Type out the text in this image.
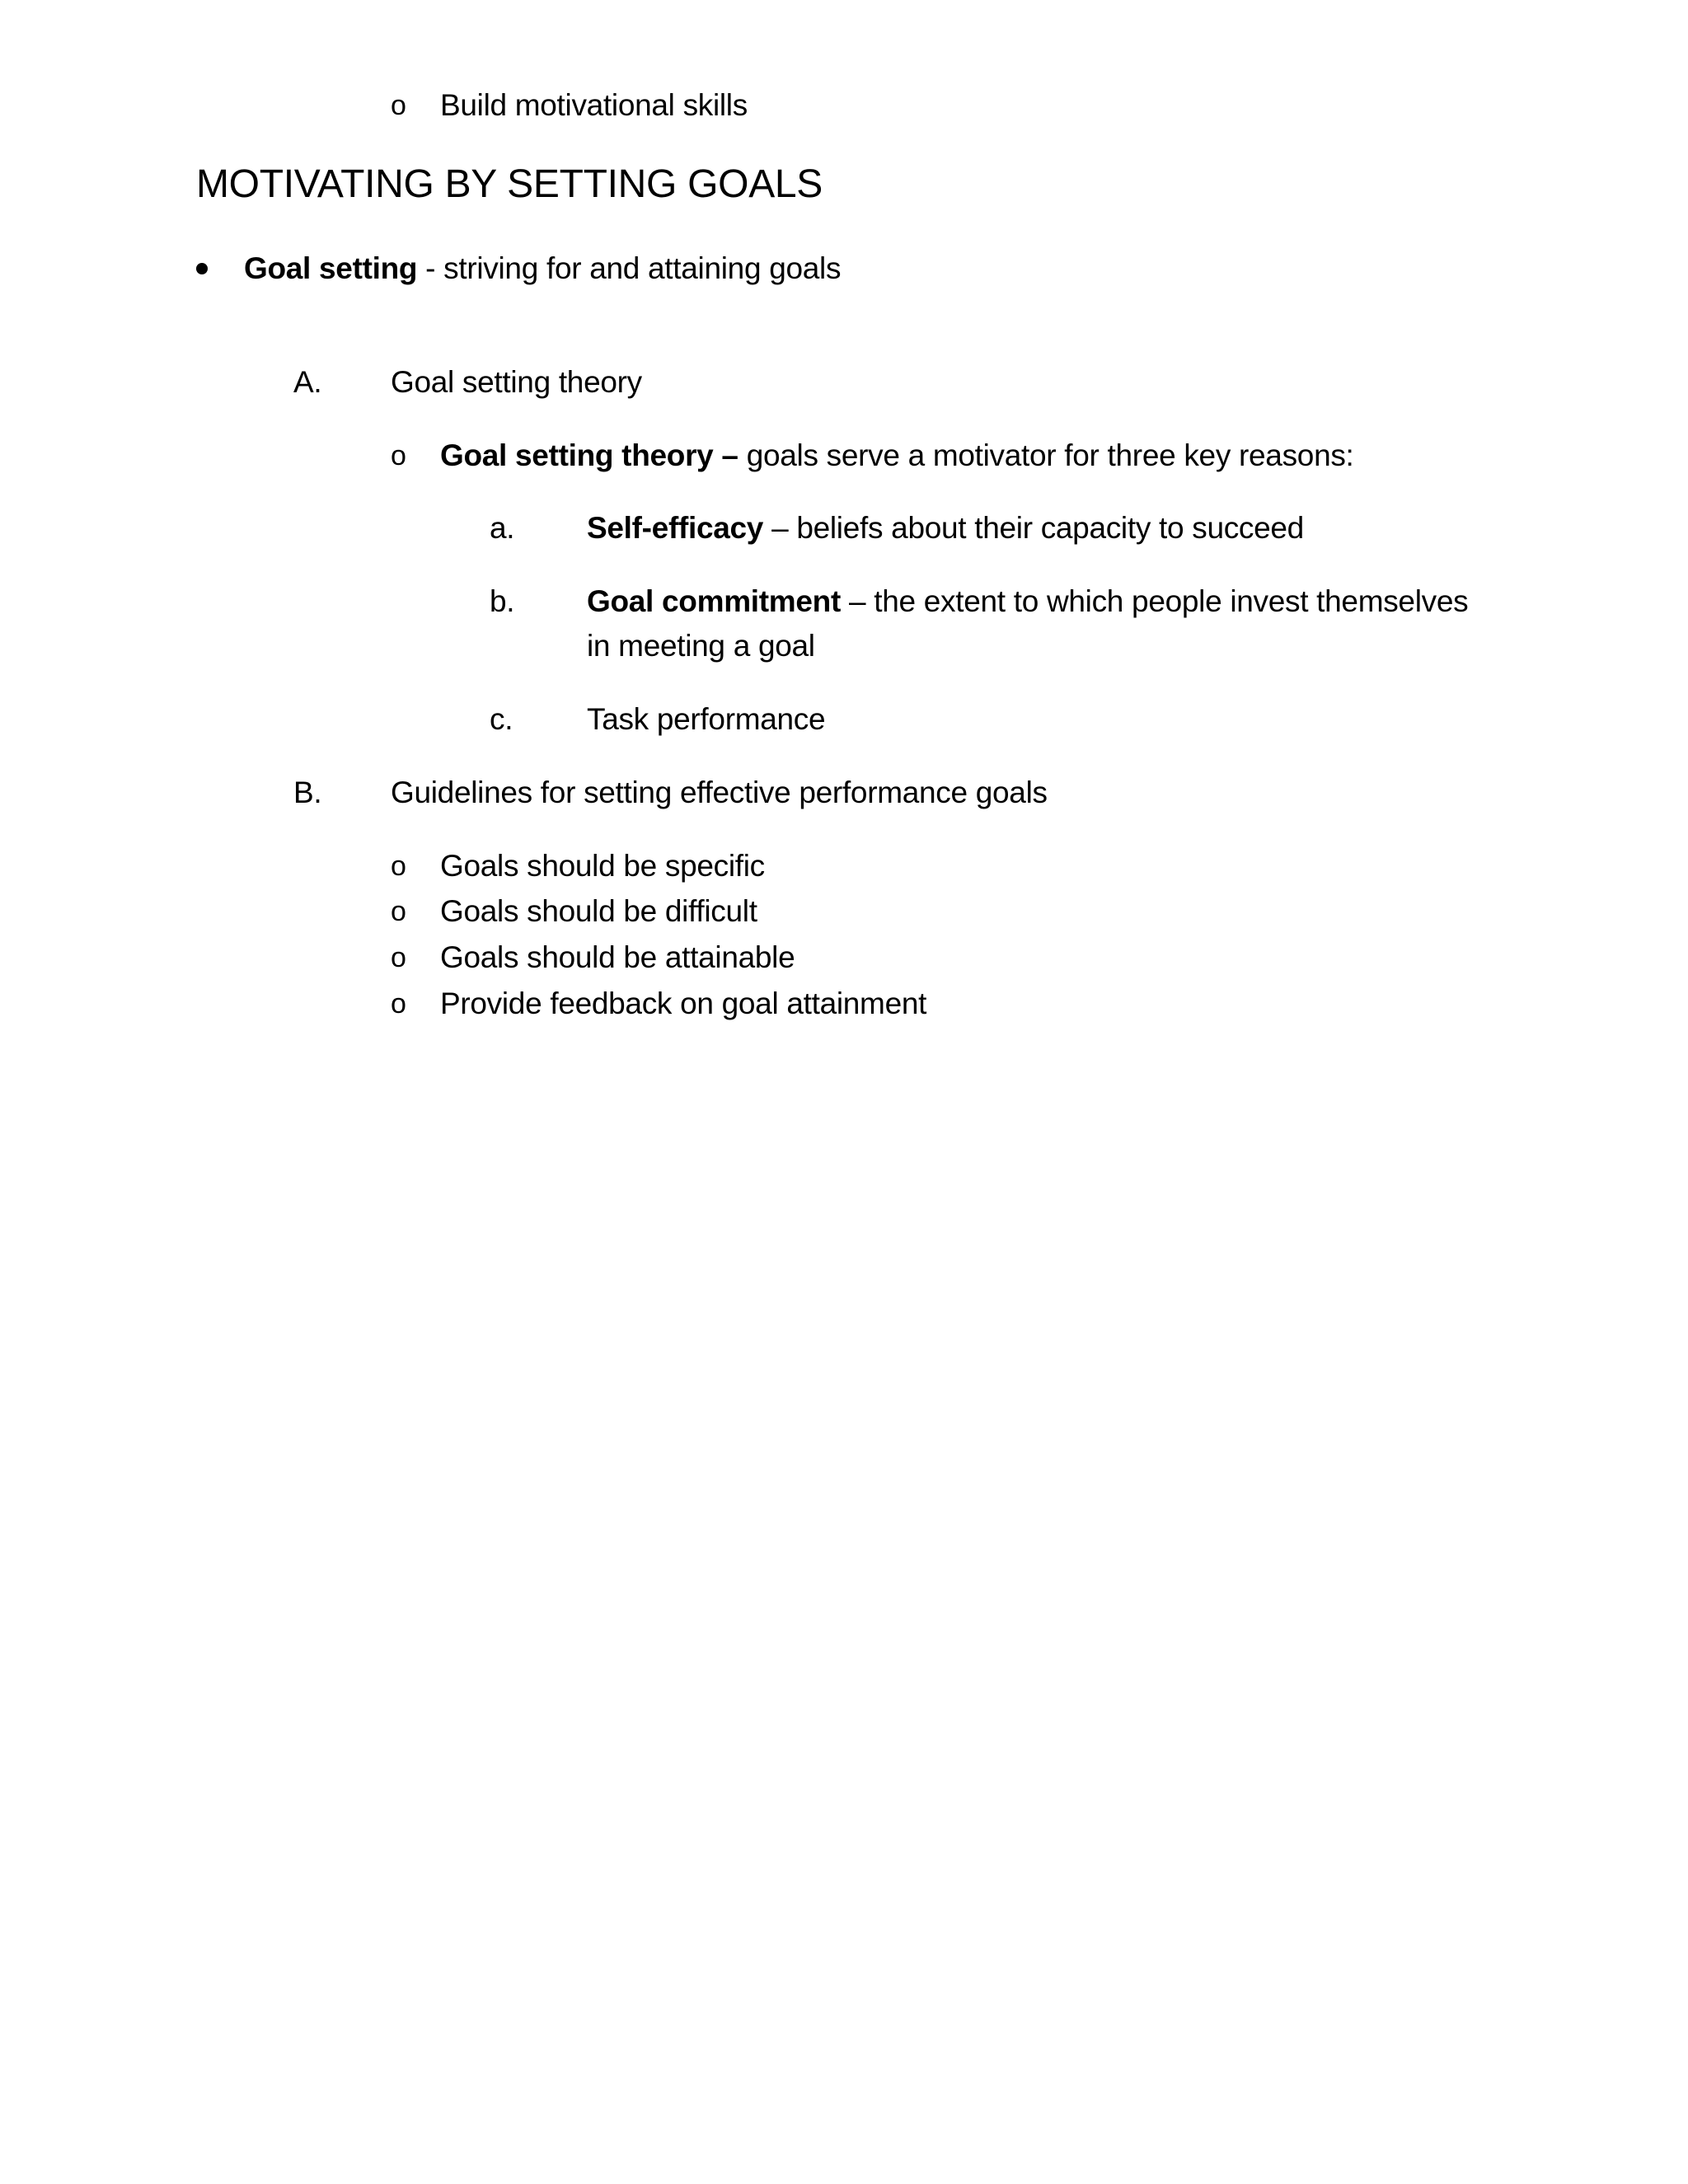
o Build motivational skills
MOTIVATING BY SETTING GOALS
Goal setting - striving for and attaining goals
A. Goal setting theory
o Goal setting theory – goals serve a motivator for three key reasons:
a. Self-efficacy – beliefs about their capacity to succeed
b. Goal commitment – the extent to which people invest themselves
in meeting a goal
c. Task performance
B. Guidelines for setting effective performance goals
o Goals should be specific
o Goals should be difficult
o Goals should be attainable
o Provide feedback on goal attainment
